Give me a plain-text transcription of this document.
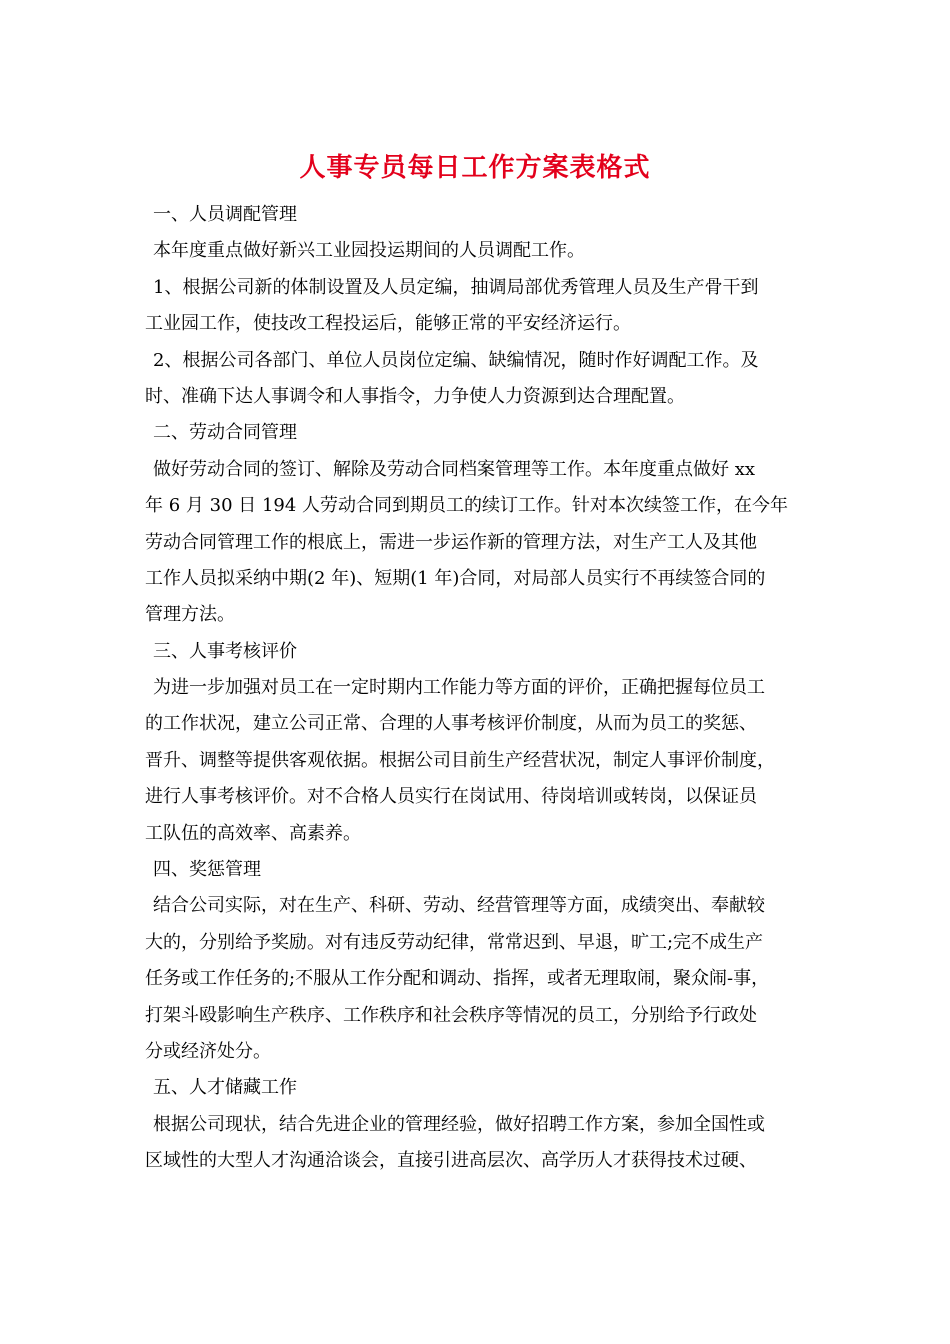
人事专员每日工作方案表格式
一、人员调配管理
本年度重点做好新兴工业园投运期间的人员调配工作。
1、根据公司新的体制设置及人员定编，抽调局部优秀管理人员及生产骨干到
工业园工作，使技改工程投运后，能够正常的平安经济运行。
2、根据公司各部门、单位人员岗位定编、缺编情况，随时作好调配工作。及
时、准确下达人事调令和人事指令，力争使人力资源到达合理配置。
二、劳动合同管理
做好劳动合同的签订、解除及劳动合同档案管理等工作。本年度重点做好 xx
年 6 月 30 日 194 人劳动合同到期员工的续订工作。针对本次续签工作，在今年
劳动合同管理工作的根底上，需进一步运作新的管理方法，对生产工人及其他
工作人员拟采纳中期(2 年)、短期(1 年)合同，对局部人员实行不再续签合同的
管理方法。
三、人事考核评价
为进一步加强对员工在一定时期内工作能力等方面的评价，正确把握每位员工
的工作状况，建立公司正常、合理的人事考核评价制度，从而为员工的奖惩、
晋升、调整等提供客观依据。根据公司目前生产经营状况，制定人事评价制度，
进行人事考核评价。对不合格人员实行在岗试用、待岗培训或转岗，以保证员
工队伍的高效率、高素养。
四、奖惩管理
结合公司实际，对在生产、科研、劳动、经营管理等方面，成绩突出、奉献较
大的，分别给予奖励。对有违反劳动纪律，常常迟到、早退，旷工;完不成生产
任务或工作任务的;不服从工作分配和调动、指挥，或者无理取闹，聚众闹-事，
打架斗殴影响生产秩序、工作秩序和社会秩序等情况的员工，分别给予行政处
分或经济处分。
五、人才储藏工作
根据公司现状，结合先进企业的管理经验，做好招聘工作方案，参加全国性或
区域性的大型人才沟通洽谈会，直接引进高层次、高学历人才获得技术过硬、
